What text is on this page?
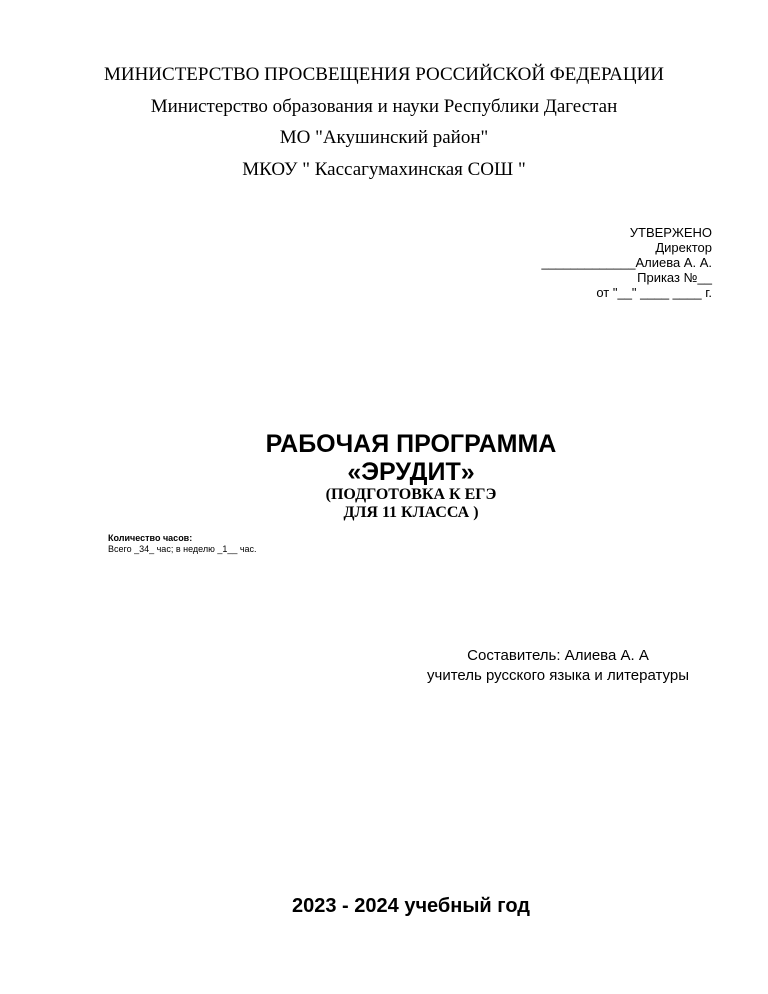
МИНИСТЕРСТВО ПРОСВЕЩЕНИЯ РОССИЙСКОЙ ФЕДЕРАЦИИ
Министерство образования и науки Республики Дагестан
МО "Акушинский район"
МКОУ " Кассагумахинская СОШ "
УТВЕРЖЕНО
Директор
_____________Алиева А. А.
Приказ №__
от "__" ____ ____ г.
РАБОЧАЯ ПРОГРАММА
«ЭРУДИТ»
(ПОДГОТОВКА К ЕГЭ
ДЛЯ 11 КЛАССА )
Количество часов:
Всего _34_ час; в неделю _1__ час.
Составитель: Алиева А. А
учитель русского языка и литературы
2023 - 2024 учебный год
